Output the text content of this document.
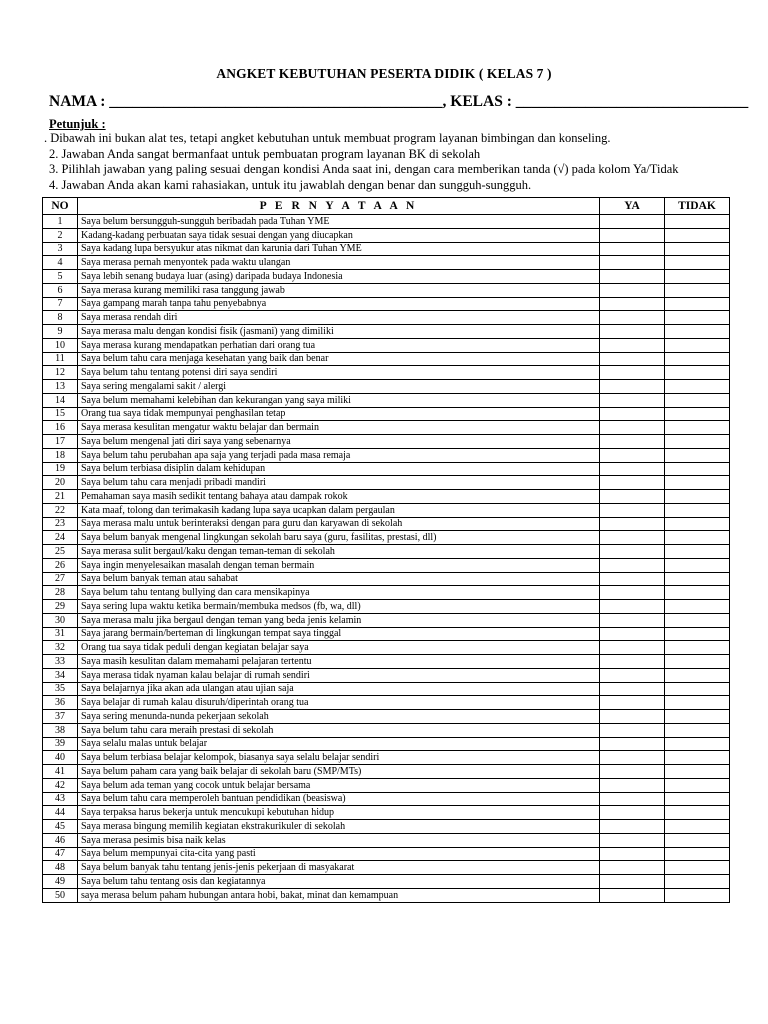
ANGKET KEBUTUHAN PESERTA DIDIK ( KELAS 7 )
NAMA : ___________________________________________, KELAS : ______________________________
Petunjuk :
. Dibawah ini bukan alat tes, tetapi angket kebutuhan untuk membuat program layanan bimbingan dan konseling.
2. Jawaban Anda sangat bermanfaat untuk pembuatan program layanan BK di sekolah
3. Pilihlah jawaban yang paling sesuai dengan kondisi Anda saat ini, dengan cara memberikan tanda (√) pada kolom Ya/Tidak
4. Jawaban Anda akan kami rahasiakan, untuk itu jawablah dengan benar dan sungguh-sungguh.
NO	P E R N Y A T A A N	YA	TIDAK
1	Saya belum bersungguh-sungguh beribadah pada Tuhan YME		
2	Kadang-kadang perbuatan saya tidak sesuai dengan yang diucapkan		
3	Saya kadang lupa bersyukur atas nikmat dan karunia dari Tuhan YME		
4	Saya merasa pernah menyontek pada waktu ulangan		
5	Saya lebih senang budaya luar (asing) daripada budaya Indonesia		
6	Saya merasa kurang memiliki rasa tanggung jawab		
7	Saya gampang marah tanpa tahu penyebabnya		
8	Saya merasa rendah diri		
9	Saya merasa malu dengan kondisi fisik (jasmani) yang dimiliki		
10	Saya merasa kurang mendapatkan perhatian dari orang tua		
11	Saya belum tahu cara menjaga kesehatan yang baik dan benar		
12	Saya belum tahu tentang potensi diri saya sendiri		
13	Saya sering mengalami sakit / alergi		
14	Saya belum memahami kelebihan dan kekurangan yang saya miliki		
15	Orang tua saya tidak mempunyai penghasilan tetap		
16	Saya merasa kesulitan mengatur waktu belajar dan bermain		
17	Saya belum mengenal jati diri saya yang sebenarnya		
18	Saya belum tahu perubahan apa saja yang terjadi pada masa remaja		
19	Saya belum terbiasa disiplin dalam kehidupan		
20	Saya belum tahu cara menjadi pribadi mandiri		
21	Pemahaman saya masih sedikit tentang bahaya atau dampak rokok		
22	Kata maaf, tolong dan terimakasih kadang lupa saya ucapkan dalam pergaulan		
23	Saya merasa malu untuk berinteraksi dengan para guru dan karyawan di sekolah		
24	Saya belum banyak mengenal lingkungan sekolah baru saya (guru, fasilitas, prestasi, dll)		
25	Saya merasa sulit bergaul/kaku dengan teman-teman di sekolah		
26	Saya ingin menyelesaikan masalah dengan teman bermain		
27	Saya belum banyak teman atau sahabat		
28	Saya belum tahu tentang bullying dan cara mensikapinya		
29	Saya sering lupa waktu ketika bermain/membuka medsos (fb, wa, dll)		
30	Saya merasa malu jika bergaul dengan teman yang beda jenis kelamin		
31	Saya jarang bermain/berteman di lingkungan tempat saya tinggal		
32	Orang tua saya tidak peduli dengan kegiatan belajar saya		
33	Saya masih kesulitan dalam memahami pelajaran tertentu		
34	Saya merasa tidak nyaman kalau belajar di rumah sendiri		
35	Saya belajarnya jika akan ada ulangan atau ujian saja		
36	Saya belajar di rumah kalau disuruh/diperintah orang tua		
37	Saya sering menunda-nunda pekerjaan sekolah		
38	Saya belum tahu cara meraih prestasi di sekolah		
39	Saya selalu malas untuk belajar		
40	Saya belum terbiasa belajar kelompok, biasanya saya selalu belajar sendiri		
41	Saya belum paham cara yang baik belajar di sekolah baru (SMP/MTs)		
42	Saya belum ada teman yang cocok untuk belajar bersama		
43	Saya belum tahu cara memperoleh bantuan pendidikan (beasiswa)		
44	Saya terpaksa harus bekerja untuk mencukupi kebutuhan hidup		
45	Saya merasa bingung memilih kegiatan ekstrakurikuler di sekolah		
46	Saya merasa pesimis bisa naik kelas		
47	Saya belum mempunyai cita-cita yang pasti		
48	Saya belum banyak tahu tentang jenis-jenis pekerjaan di masyakarat		
49	Saya belum tahu tentang osis dan kegiatannya		
50	saya merasa belum paham hubungan antara hobi, bakat, minat dan kemampuan		
